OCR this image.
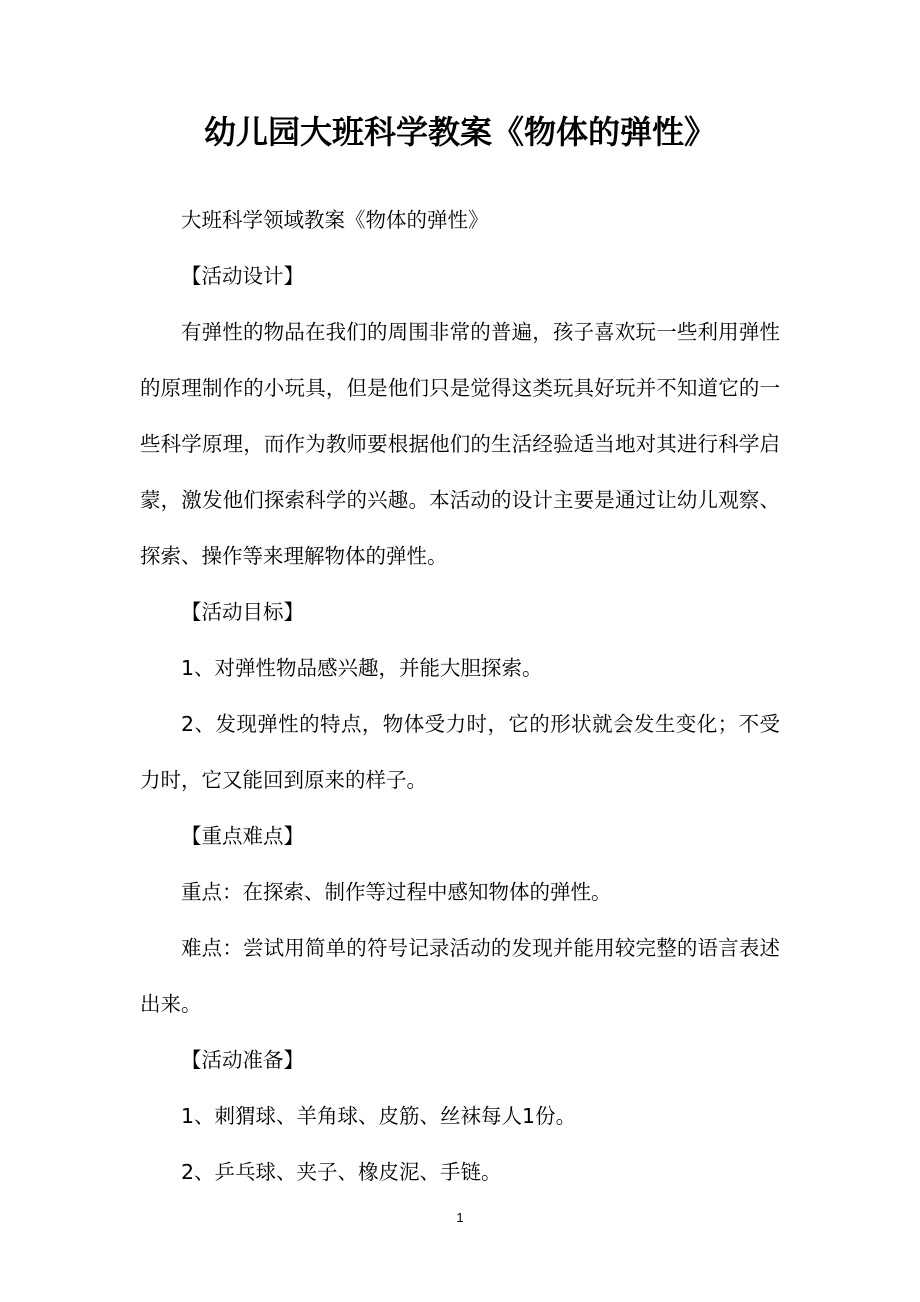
幼儿园大班科学教案《物体的弹性》

大班科学领域教案《物体的弹性》

【活动设计】

有弹性的物品在我们的周围非常的普遍，孩子喜欢玩一些利用弹性的原理制作的小玩具，但是他们只是觉得这类玩具好玩并不知道它的一些科学原理，而作为教师要根据他们的生活经验适当地对其进行科学启蒙，激发他们探索科学的兴趣。本活动的设计主要是通过让幼儿观察、探索、操作等来理解物体的弹性。

【活动目标】

1、对弹性物品感兴趣，并能大胆探索。

2、发现弹性的特点，物体受力时，它的形状就会发生变化；不受力时，它又能回到原来的样子。

【重点难点】

重点：在探索、制作等过程中感知物体的弹性。

难点：尝试用简单的符号记录活动的发现并能用较完整的语言表述出来。

【活动准备】

1、刺猬球、羊角球、皮筋、丝袜每人1份。

2、乒乓球、夹子、橡皮泥、手链。

1
